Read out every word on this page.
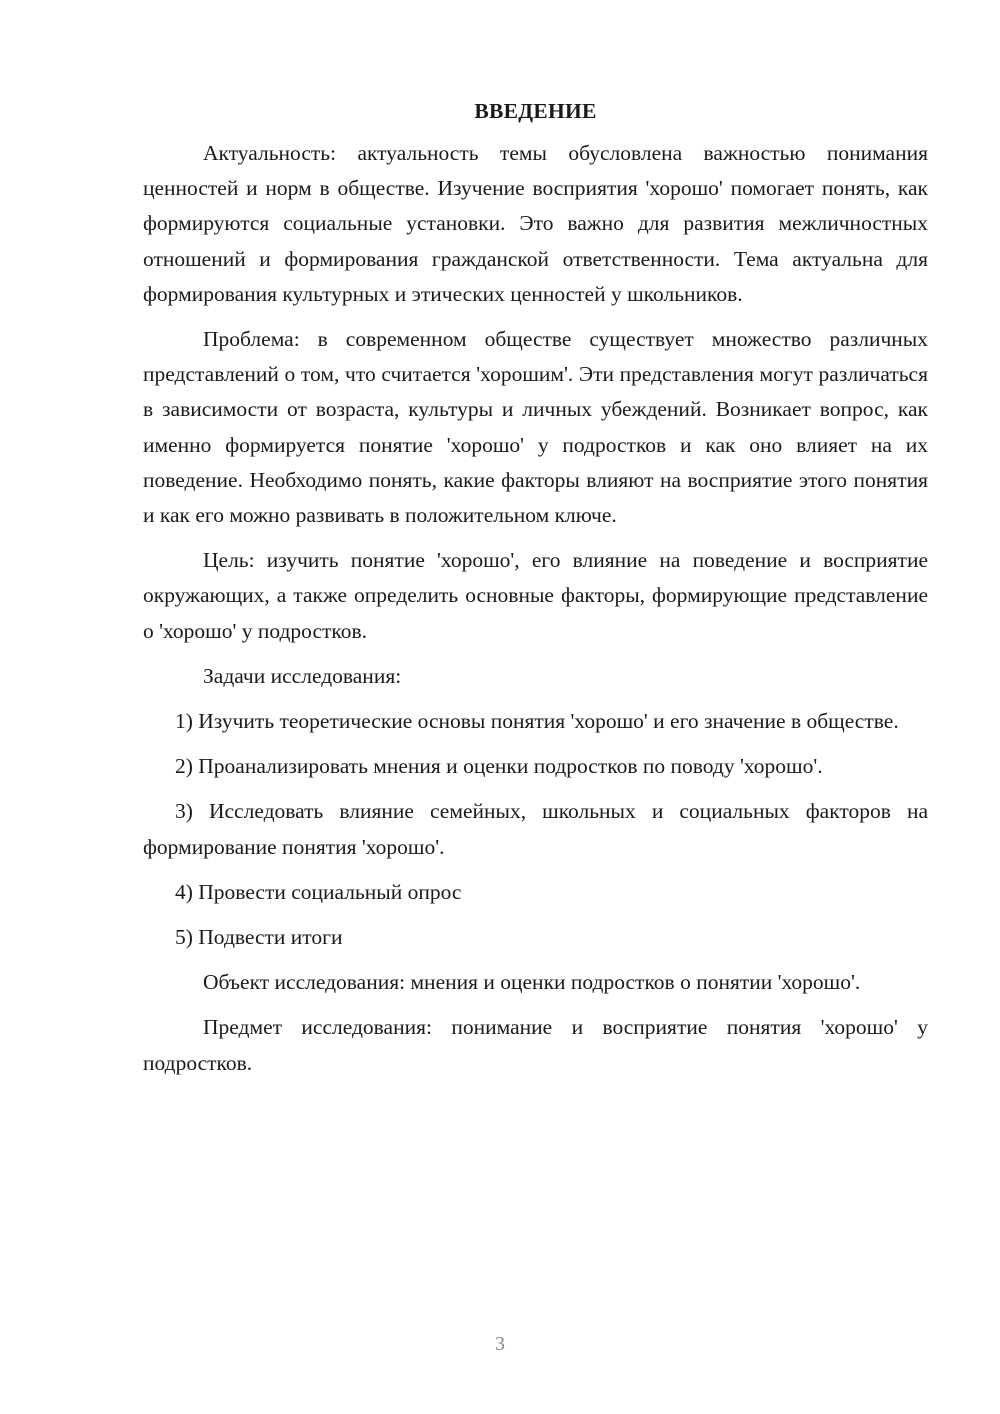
ВВЕДЕНИЕ

Актуальность: актуальность темы обусловлена важностью понимания ценностей и норм в обществе. Изучение восприятия 'хорошо' помогает понять, как формируются социальные установки. Это важно для развития межличностных отношений и формирования гражданской ответственности. Тема актуальна для формирования культурных и этических ценностей у школьников.

Проблема: в современном обществе существует множество различных представлений о том, что считается 'хорошим'. Эти представления могут различаться в зависимости от возраста, культуры и личных убеждений. Возникает вопрос, как именно формируется понятие 'хорошо' у подростков и как оно влияет на их поведение. Необходимо понять, какие факторы влияют на восприятие этого понятия и как его можно развивать в положительном ключе.

Цель: изучить понятие 'хорошо', его влияние на поведение и восприятие окружающих, а также определить основные факторы, формирующие представление о 'хорошо' у подростков.

Задачи исследования:

1) Изучить теоретические основы понятия 'хорошо' и его значение в обществе.

2) Проанализировать мнения и оценки подростков по поводу 'хорошо'.

3) Исследовать влияние семейных, школьных и социальных факторов на формирование понятия 'хорошо'.

4) Провести социальный опрос

5) Подвести итоги

Объект исследования: мнения и оценки подростков о понятии 'хорошо'.

Предмет исследования: понимание и восприятие понятия 'хорошо' у подростков.

3
